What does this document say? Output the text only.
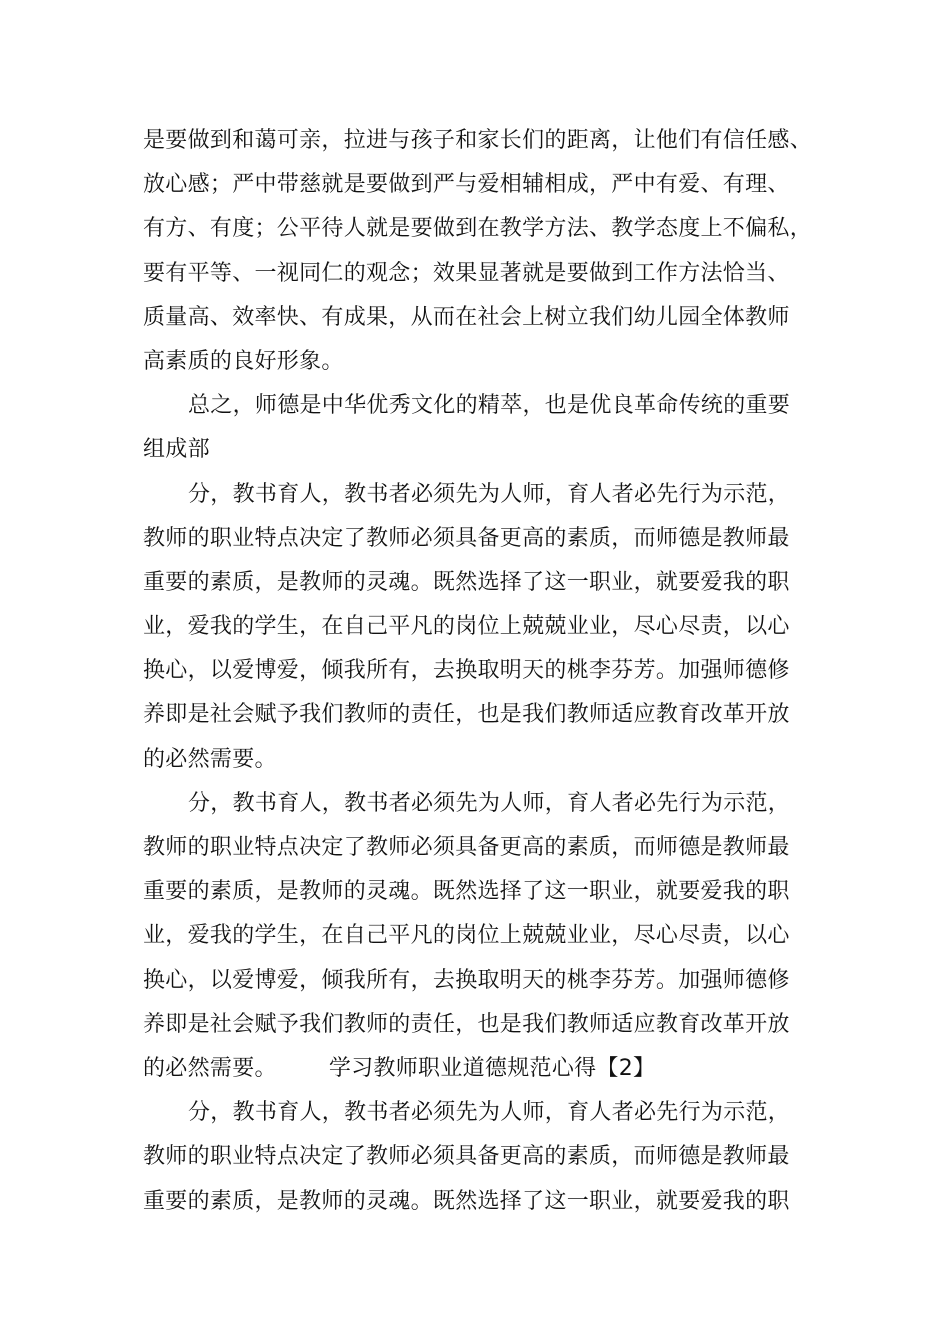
是要做到和蔼可亲，拉进与孩子和家长们的距离，让他们有信任感、
放心感；严中带慈就是要做到严与爱相辅相成，严中有爱、有理、
有方、有度；公平待人就是要做到在教学方法、教学态度上不偏私，
要有平等、一视同仁的观念；效果显著就是要做到工作方法恰当、
质量高、效率快、有成果，从而在社会上树立我们幼儿园全体教师
高素质的良好形象。
总之，师德是中华优秀文化的精萃，也是优良革命传统的重要
组成部
分，教书育人，教书者必须先为人师，育人者必先行为示范，
教师的职业特点决定了教师必须具备更高的素质，而师德是教师最
重要的素质，是教师的灵魂。既然选择了这一职业，就要爱我的职
业，爱我的学生，在自己平凡的岗位上兢兢业业，尽心尽责，以心
换心，以爱博爱，倾我所有，去换取明天的桃李芬芳。加强师德修
养即是社会赋予我们教师的责任，也是我们教师适应教育改革开放
的必然需要。
分，教书育人，教书者必须先为人师，育人者必先行为示范，
教师的职业特点决定了教师必须具备更高的素质，而师德是教师最
重要的素质，是教师的灵魂。既然选择了这一职业，就要爱我的职
业，爱我的学生，在自己平凡的岗位上兢兢业业，尽心尽责，以心
换心，以爱博爱，倾我所有，去换取明天的桃李芬芳。加强师德修
养即是社会赋予我们教师的责任，也是我们教师适应教育改革开放
的必然需要。 学习教师职业道德规范心得【2】
分，教书育人，教书者必须先为人师，育人者必先行为示范，
教师的职业特点决定了教师必须具备更高的素质，而师德是教师最
重要的素质，是教师的灵魂。既然选择了这一职业，就要爱我的职
